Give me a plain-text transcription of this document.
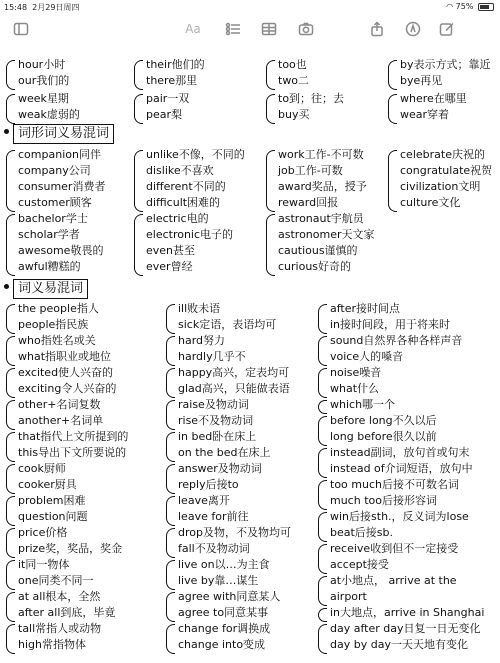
15:48 2月29日周四	◠ 75%
Aa
hour小时
our我们的
their他们的
there那里
too也
two二
by表示方式；靠近
bye再见
week星期
weak虚弱的
pair一双
pear梨
to到；往；去
buy买
where在哪里
wear穿着
companion同伴
company公司
consumer消费者
customer顾客
unlike不像，不同的
dislike不喜欢
different不同的
difficult困难的
work工作-不可数
job工作-可数
award奖品，授予
reward回报
celebrate庆祝的
congratulate祝贺
civilization文明
culture文化
bachelor学士
scholar学者
awesome敬畏的
awful糟糕的
electric电的
electronic电子的
even甚至
ever曾经
astronaut宇航员
astronomer天文家
cautious谨慎的
curious好奇的
the people指人
people指民族
who指姓名或关
what指职业或地位
excited使人兴奋的
exciting令人兴奋的
other+名词复数
another+名词单
that指代上文所提到的
this导出下文所要说的
cook厨师
cooker厨具
problem困难
question问题
price价格
prize奖，奖品，奖金
it同一物体
one同类不同一
at all根本，全然
after all到底，毕竟
tall常指人或动物
high常指物体
ill败未语
sick定语，表语均可
hard努力
hardly几乎不
happy高兴，定表均可
glad高兴，只能做表语
raise及物动词
rise不及物动词
in bed卧在床上
on the bed在床上
answer及物动词
reply后接to
leave离开
leave for前往
drop及物，不及物均可
fall不及物动词
live on以…为主食
live by靠…谋生
agree with同意某人
agree to同意某事
change for调换成
change into变成
after接时间点
in接时间段，用于将来时
sound自然界各种各样声音
voice人的嗓音
noise噪音
what什么
which哪一个
before long不久以后
long before很久以前
instead副词，放句首或句末
instead of介词短语，放句中
too much后接不可数名词
much too后接形容词
win后接sth.，反义词为lose
beat后接sb.
receive收到但不一定接受
accept接受
at小地点， arrive at the
airport
in大地点，arrive in Shanghai
day after day日复一日无变化
day by day一天天地有变化
词形词义易混词
词义易混词
